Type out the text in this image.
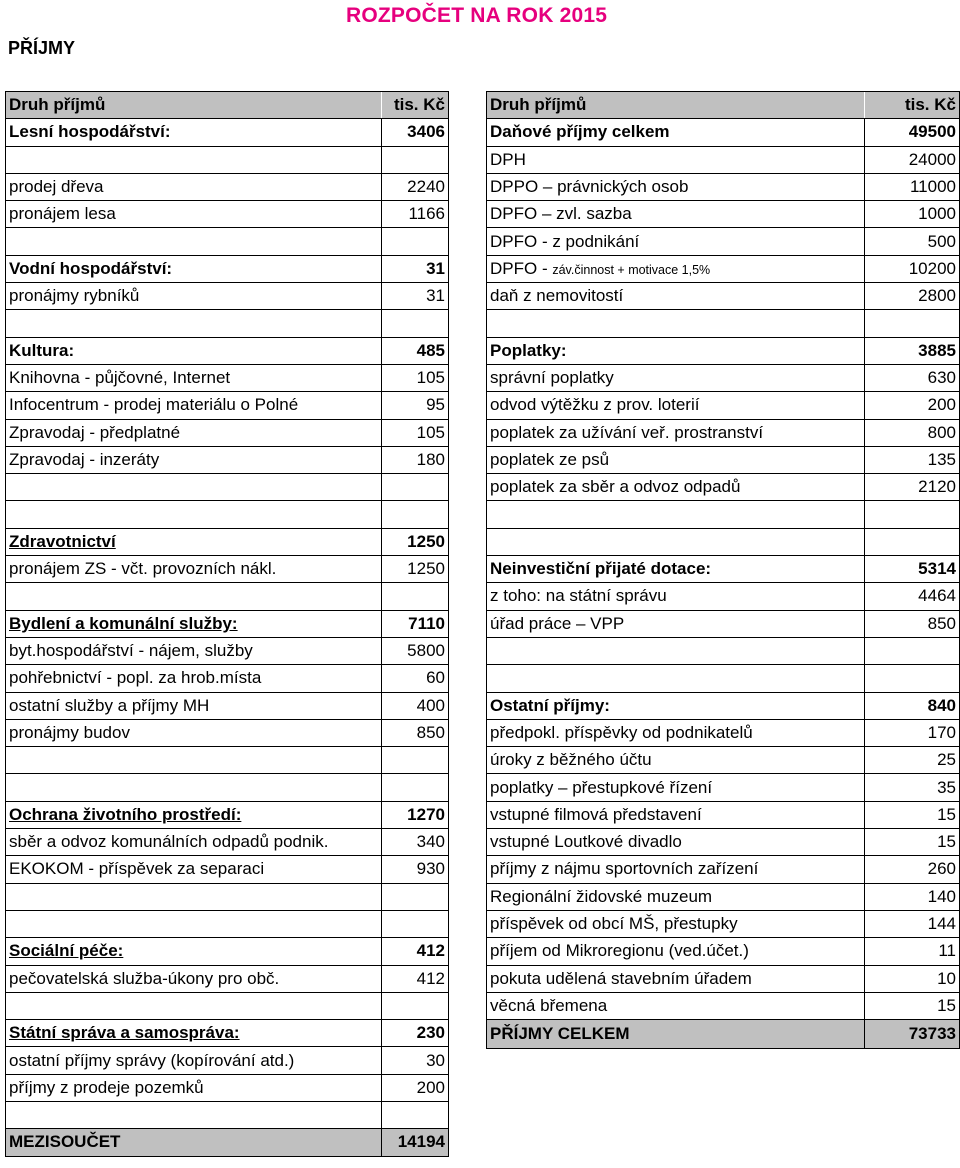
ROZPOČET NA ROK 2015
PŘÍJMY
Druh příjmů	tis. Kč
Lesní hospodářství:	3406

prodej dřeva	2240
pronájem lesa	1166

Vodní hospodářství:	31
pronájmy rybníků	31

Kultura:	485
Knihovna - půjčovné, Internet	105
Infocentrum - prodej materiálu o Polné	95
Zpravodaj - předplatné	105
Zpravodaj - inzeráty	180

Zdravotnictví	1250
pronájem ZS - včt. provozních nákl.	1250

Bydlení a komunální služby:	7110
byt.hospodářství - nájem, služby	5800
pohřebnictví - popl. za hrob.místa	60
ostatní služby a příjmy MH	400
pronájmy budov	850

Ochrana životního prostředí:	1270
sběr a odvoz komunálních odpadů podnik.	340
EKOKOM - příspěvek za separaci	930

Sociální péče:	412
pečovatelská služba-úkony pro obč.	412

Státní správa a samospráva:	230
ostatní příjmy správy (kopírování atd.)	30
příjmy z prodeje pozemků	200

MEZISOUČET	14194
Druh příjmů	tis. Kč
Daňové příjmy celkem	49500
DPH	24000
DPPO – právnických osob	11000
DPFO – zvl. sazba	1000
DPFO - z podnikání	500
DPFO - záv.činnost + motivace 1,5%	10200
daň z nemovitostí	2800

Poplatky:	3885
správní poplatky	630
odvod výtěžku z prov. loterií	200
poplatek za užívání veř. prostranství	800
poplatek ze psů	135
poplatek za sběr a odvoz odpadů	2120

Neinvestiční přijaté dotace:	5314
z toho: na státní správu	4464
úřad práce – VPP	850

Ostatní příjmy:	840
předpokl. příspěvky od podnikatelů	170
úroky z běžného účtu	25
poplatky – přestupkové řízení	35
vstupné filmová představení	15
vstupné Loutkové divadlo	15
příjmy z nájmu sportovních zařízení	260
Regionální židovské muzeum	140
příspěvek od obcí MŠ, přestupky	144
příjem od Mikroregionu (ved.účet.)	11
pokuta udělená stavebním úřadem	10
věcná břemena	15
PŘÍJMY CELKEM	73733
